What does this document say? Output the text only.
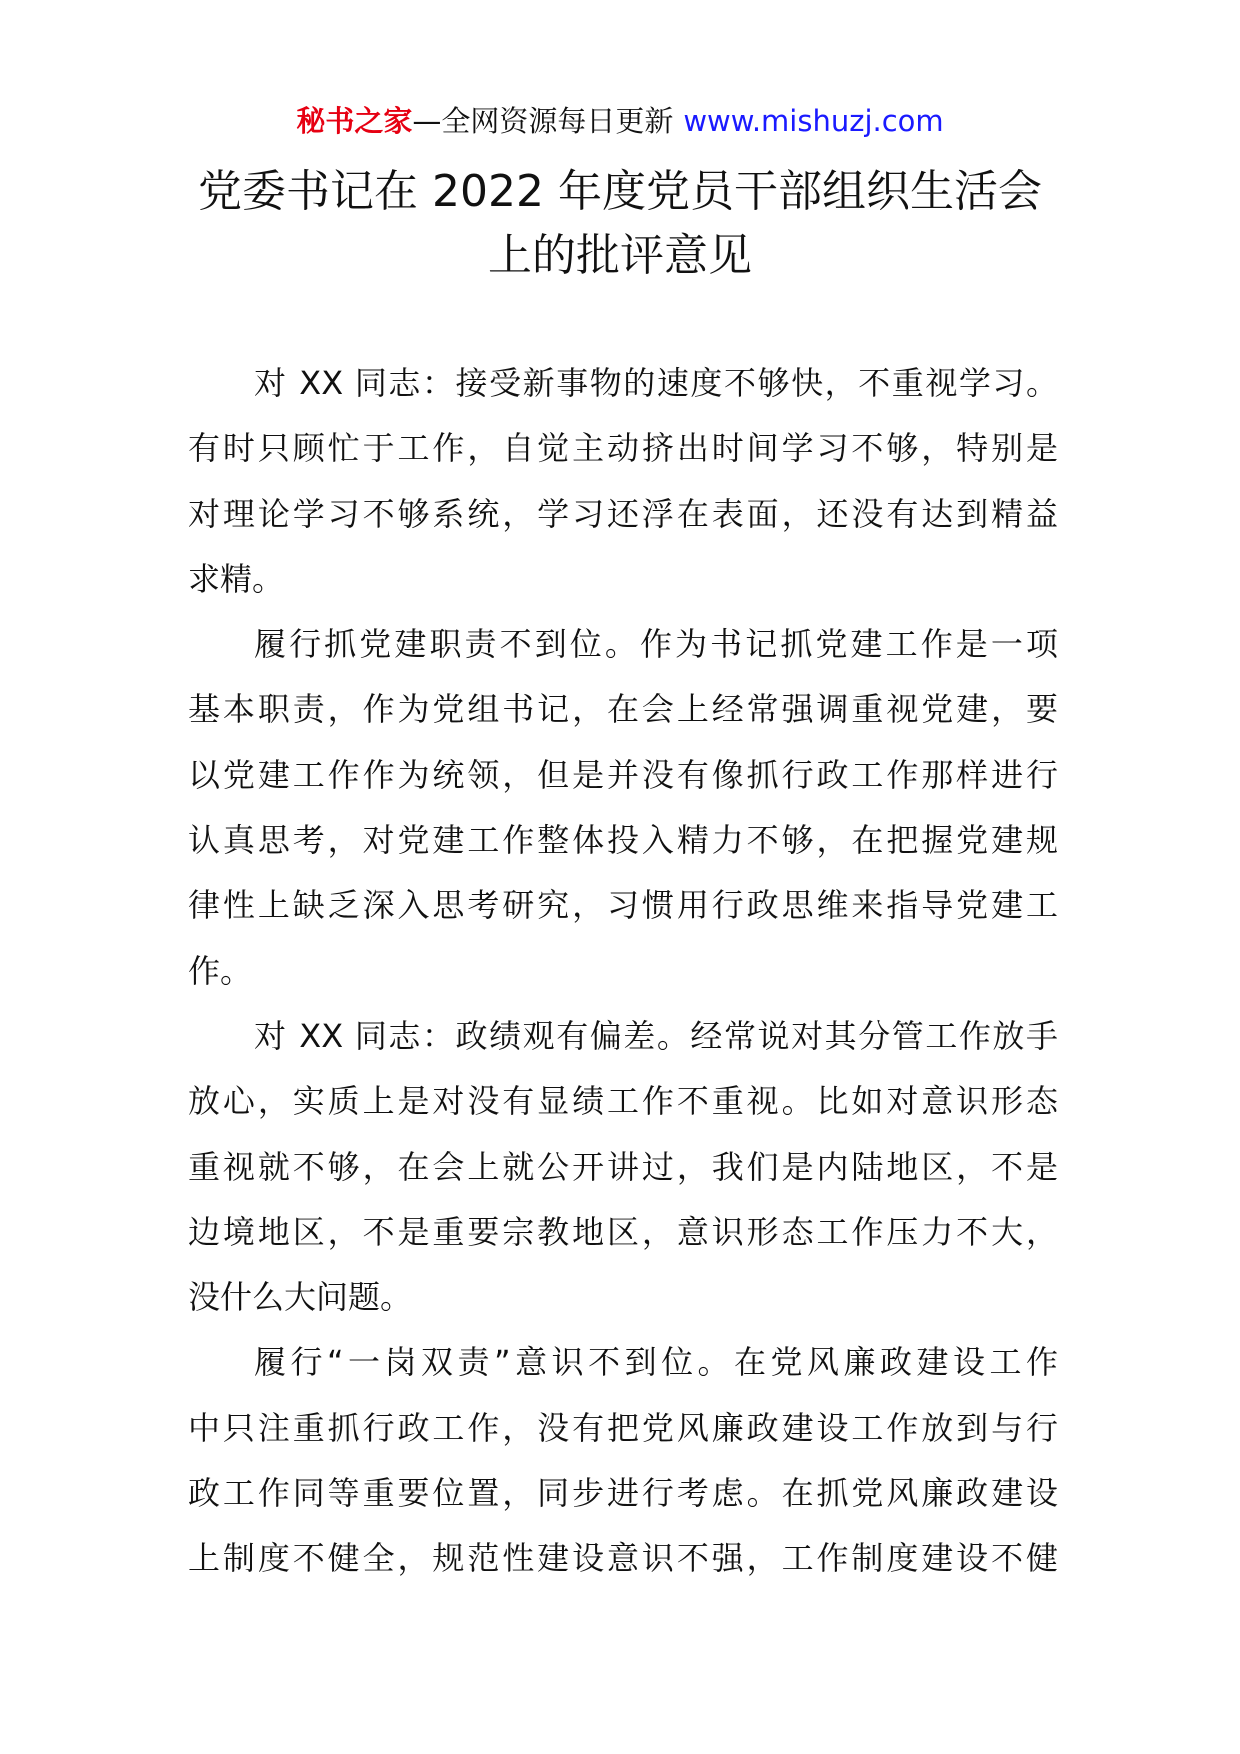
秘书之家—全网资源每日更新 www.mishuzj.com
党委书记在 2022 年度党员干部组织生活会
上的批评意见
对 XX 同志：接受新事物的速度不够快，不重视学习。
有时只顾忙于工作，自觉主动挤出时间学习不够，特别是
对理论学习不够系统，学习还浮在表面，还没有达到精益
求精。
履行抓党建职责不到位。作为书记抓党建工作是一项
基本职责，作为党组书记，在会上经常强调重视党建，要
以党建工作作为统领，但是并没有像抓行政工作那样进行
认真思考，对党建工作整体投入精力不够，在把握党建规
律性上缺乏深入思考研究，习惯用行政思维来指导党建工
作。
对 XX 同志：政绩观有偏差。经常说对其分管工作放手
放心，实质上是对没有显绩工作不重视。比如对意识形态
重视就不够，在会上就公开讲过，我们是内陆地区，不是
边境地区，不是重要宗教地区，意识形态工作压力不大，
没什么大问题。
履行“一岗双责”意识不到位。在党风廉政建设工作
中只注重抓行政工作，没有把党风廉政建设工作放到与行
政工作同等重要位置，同步进行考虑。在抓党风廉政建设
上制度不健全，规范性建设意识不强，工作制度建设不健
